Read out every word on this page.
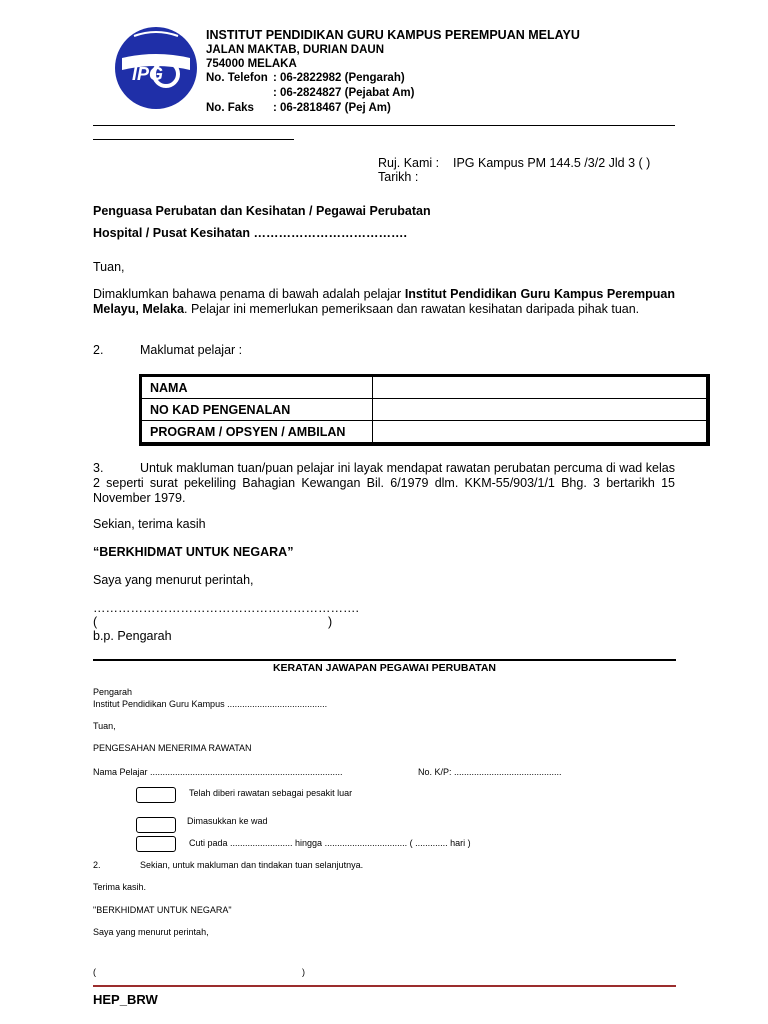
IPG
INSTITUT PENDIDIKAN GURU KAMPUS PEREMPUAN MELAYU
JALAN MAKTAB, DURIAN DAUN
754000 MELAKA
No. Telefon : 06-2822982 (Pengarah)
: 06-2824827 (Pejabat Am)
No. Faks : 06-2818467 (Pej Am)
Ruj. Kami : IPG Kampus PM 144.5 /3/2 Jld 3 ( )
Tarikh :
Penguasa Perubatan dan Kesihatan / Pegawai Perubatan
Hospital / Pusat Kesihatan ……………………………….
Tuan,
Dimaklumkan bahawa penama di bawah adalah pelajar Institut Pendidikan Guru Kampus Perempuan Melayu, Melaka. Pelajar ini memerlukan pemeriksaan dan rawatan kesihatan daripada pihak tuan.
2.	Maklumat pelajar :
NAMA	
NO KAD PENGENALAN	
PROGRAM / OPSYEN / AMBILAN	
3.	Untuk makluman tuan/puan pelajar ini layak mendapat rawatan perubatan percuma di wad kelas 2 seperti surat pekeliling Bahagian Kewangan Bil. 6/1979 dlm. KKM-55/903/1/1 Bhg. 3 bertarikh 15 November 1979.
Sekian, terima kasih
“BERKHIDMAT UNTUK NEGARA”
Saya yang menurut perintah,
……………………………………………………….
(	)
b.p. Pengarah
KERATAN JAWAPAN PEGAWAI PERUBATAN
Pengarah
Institut Pendidikan Guru Kampus ........................................
Tuan,
PENGESAHAN MENERIMA RAWATAN
Nama Pelajar .............................................................................	No. K/P: ...........................................
Telah diberi rawatan sebagai pesakit luar
Dimasukkan ke wad
Cuti pada ......................... hingga ................................. ( ............. hari )
2.	Sekian, untuk makluman dan tindakan tuan selanjutnya.
Terima kasih.
"BERKHIDMAT UNTUK NEGARA"
Saya yang menurut perintah,
(	)
HEP_BRW
